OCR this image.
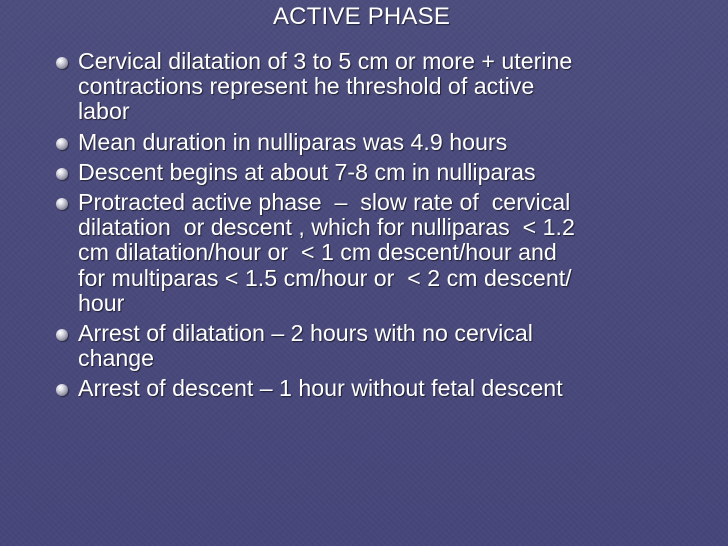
ACTIVE PHASE
Cervical dilatation of 3 to 5 cm or more + uterine
contractions represent he threshold of active
labor
Mean duration in nulliparas was 4.9 hours
Descent begins at about 7-8 cm in nulliparas
Protracted active phase  –  slow rate of  cervical
dilatation  or descent , which for nulliparas  < 1.2
cm dilatation/hour or  < 1 cm descent/hour and
for multiparas < 1.5 cm/hour or  < 2 cm descent/
hour
Arrest of dilatation – 2 hours with no cervical
change
Arrest of descent – 1 hour without fetal descent
